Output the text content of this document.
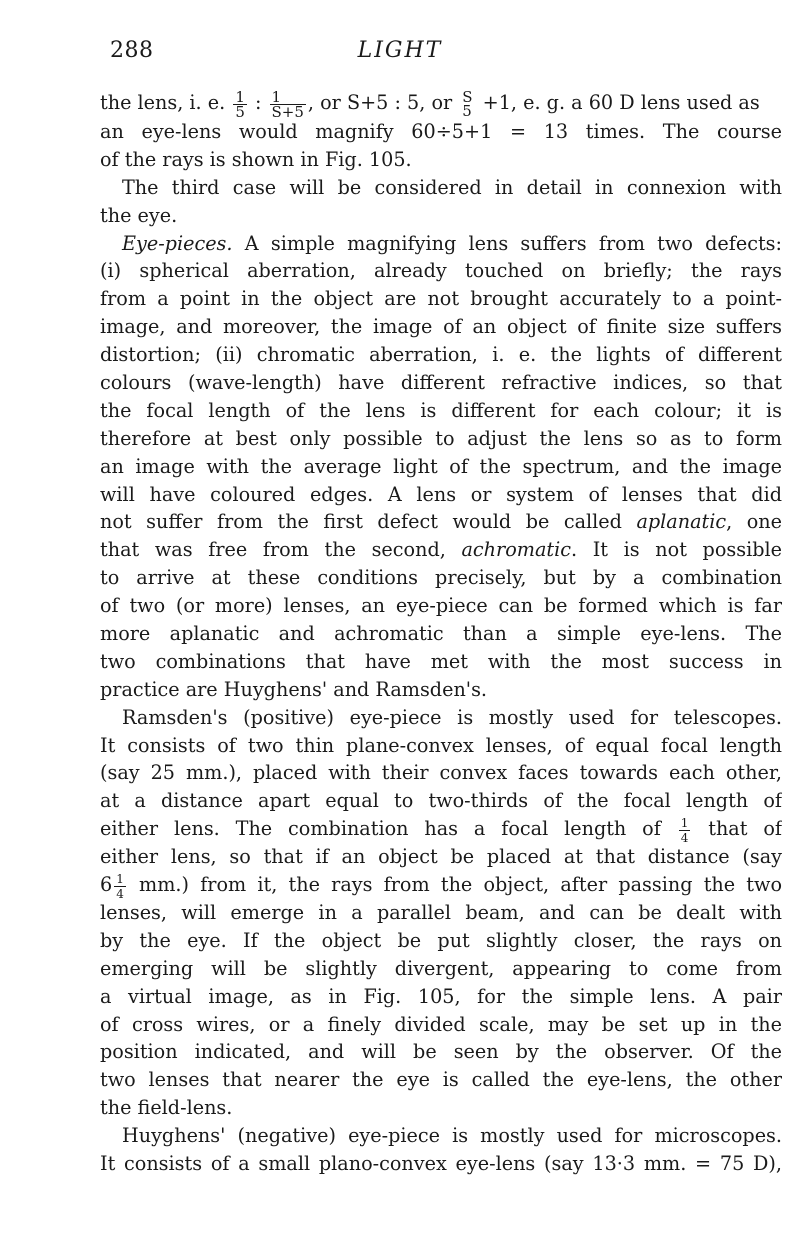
288	LIGHT
the lens, i. e. $\frac{1}{5}$ : $\frac{1}{S+5}$ , or S+5 : 5, or S
5 +1, e. g. a 60 D lens used as
an eye-lens would magnify 60÷5+1 = 13 times. The course
of the rays is shown in Fig. 105.
The third case will be considered in detail in connexion with
the eye.
Eye-pieces. A simple magnifying lens suffers from two defects:
(i) spherical aberration, already touched on briefly; the rays
from a point in the object are not brought accurately to a point-
image, and moreover, the image of an object of finite size suffers
distortion; (ii) chromatic aberration, i. e. the lights of different
colours (wave-length) have different refractive indices, so that
the focal length of the lens is different for each colour; it is
therefore at best only possible to adjust the lens so as to form
an image with the average light of the spectrum, and the image
will have coloured edges. A lens or system of lenses that did
not suffer from the first defect would be called aplanatic, one
that was free from the second, achromatic. It is not possible
to arrive at these conditions precisely, but by a combination
of two (or more) lenses, an eye-piece can be formed which is far
more aplanatic and achromatic than a simple eye-lens. The
two combinations that have met with the most success in
practice are Huyghens' and Ramsden's.
Ramsden's (positive) eye-piece is mostly used for telescopes.
It consists of two thin plane-convex lenses, of equal focal length
(say 25 mm.), placed with their convex faces towards each other,
at a distance apart equal to two-thirds of the focal length of
either lens. The combination has a focal length of $\frac{1}{4}$ that of
either lens, so that if an object be placed at that distance (say
$6 \frac{1}{4} mm$.) from it, the rays from the object, after passing the two
lenses, will emerge in a parallel beam, and can be dealt with
by the eye. If the object be put slightly closer, the rays on
emerging will be slightly divergent, appearing to come from
a virtual image, as in Fig. 105, for the simple lens. A pair
of cross wires, or a finely divided scale, may be set up in the
position indicated, and will be seen by the observer. Of the
two lenses that nearer the eye is called the eye-lens, the other
the field-lens.
Huyghens' (negative) eye-piece is mostly used for microscopes.
It consists of a small plano-convex eye-lens (say 13·3 mm. = 75 D),
